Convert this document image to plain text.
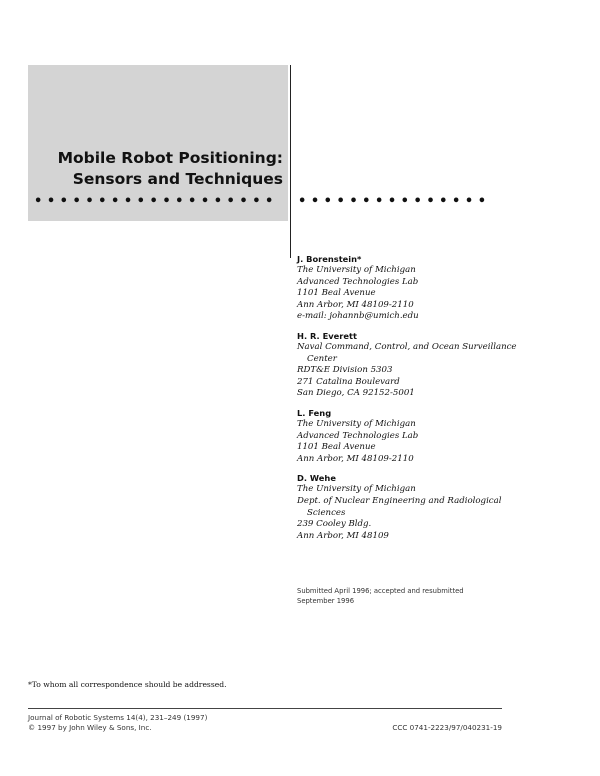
Mobile Robot Positioning:
Sensors and Techniques
• • • • • • • • • • • • • • • • • • • • • • • • • • • • • • • • • •
J. Borenstein*
The University of Michigan
Advanced Technologies Lab
1101 Beal Avenue
Ann Arbor, MI 48109-2110
e-mail: johannb@umich.edu
H. R. Everett
Naval Command, Control, and Ocean Surveillance
Center
RDT&E Division 5303
271 Catalina Boulevard
San Diego, CA 92152-5001
L. Feng
The University of Michigan
Advanced Technologies Lab
1101 Beal Avenue
Ann Arbor, MI 48109-2110
D. Wehe
The University of Michigan
Dept. of Nuclear Engineering and Radiological
Sciences
239 Cooley Bldg.
Ann Arbor, MI 48109
Submitted April 1996; accepted and resubmitted
September 1996
*To whom all correspondence should be addressed.
Journal of Robotic Systems 14(4), 231–249 (1997)
© 1997 by John Wiley & Sons, Inc.	CCC 0741-2223/97/040231-19
